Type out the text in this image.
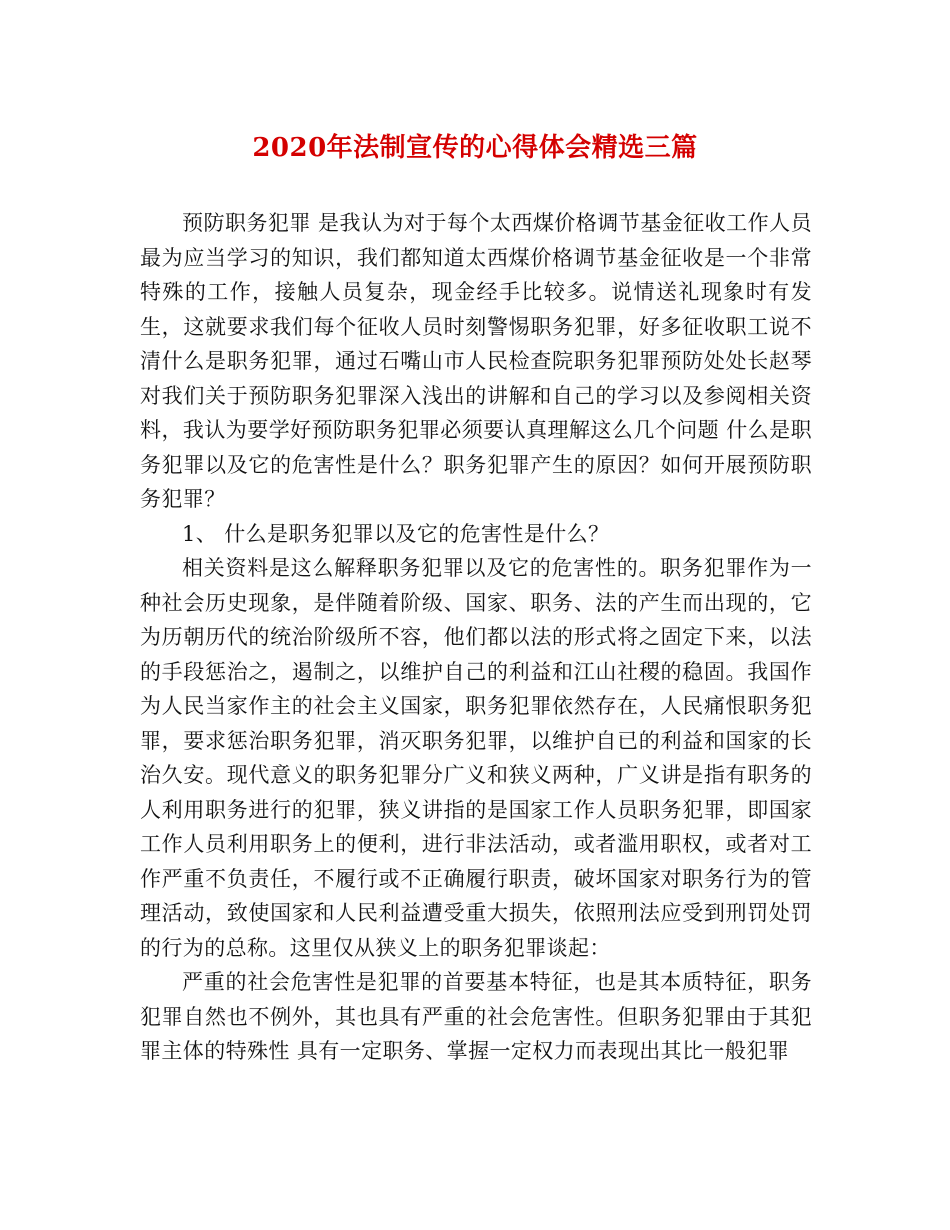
2020年法制宣传的心得体会精选三篇

预防职务犯罪 是我认为对于每个太西煤价格调节基金征收工作人员最为应当学习的知识，我们都知道太西煤价格调节基金征收是一个非常特殊的工作，接触人员复杂，现金经手比较多。说情送礼现象时有发生，这就要求我们每个征收人员时刻警惕职务犯罪，好多征收职工说不清什么是职务犯罪，通过石嘴山市人民检查院职务犯罪预防处处长赵琴对我们关于预防职务犯罪深入浅出的讲解和自己的学习以及参阅相关资料，我认为要学好预防职务犯罪必须要认真理解这么几个问题 什么是职务犯罪以及它的危害性是什么？职务犯罪产生的原因？如何开展预防职务犯罪？

1、 什么是职务犯罪以及它的危害性是什么？

相关资料是这么解释职务犯罪以及它的危害性的。职务犯罪作为一种社会历史现象，是伴随着阶级、国家、职务、法的产生而出现的，它为历朝历代的统治阶级所不容，他们都以法的形式将之固定下来，以法的手段惩治之，遏制之，以维护自己的利益和江山社稷的稳固。我国作为人民当家作主的社会主义国家，职务犯罪依然存在，人民痛恨职务犯罪，要求惩治职务犯罪，消灭职务犯罪，以维护自已的利益和国家的长治久安。现代意义的职务犯罪分广义和狭义两种，广义讲是指有职务的人利用职务进行的犯罪，狭义讲指的是国家工作人员职务犯罪，即国家工作人员利用职务上的便利，进行非法活动，或者滥用职权，或者对工作严重不负责任，不履行或不正确履行职责，破坏国家对职务行为的管理活动，致使国家和人民利益遭受重大损失，依照刑法应受到刑罚处罚的行为的总称。这里仅从狭义上的职务犯罪谈起：

严重的社会危害性是犯罪的首要基本特征，也是其本质特征，职务犯罪自然也不例外，其也具有严重的社会危害性。但职务犯罪由于其犯罪主体的特殊性 具有一定职务、掌握一定权力而表现出其比一般犯罪
